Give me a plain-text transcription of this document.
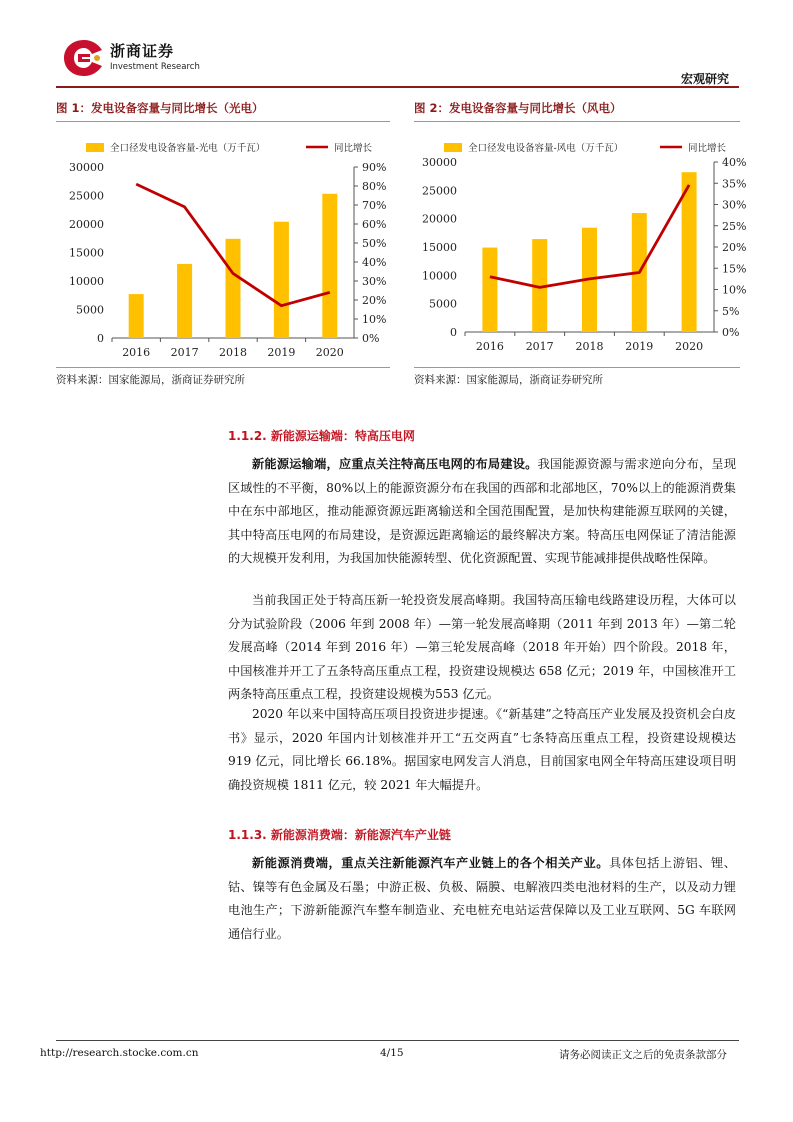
浙商证券
Investment Research
宏观研究
图 1：发电设备容量与同比增长（光电）
全口径发电设备容量-光电（万千瓦）	同比增长
0
5000
10000
15000
20000
25000
30000
0%
10%
20%
30%
40%
50%
60%
70%
80%
90%
2016 2017 2018 2019 2020
资料来源：国家能源局，浙商证券研究所
图 2：发电设备容量与同比增长（风电）
全口径发电设备容量-风电（万千瓦）	同比增长
0
5000
10000
15000
20000
25000
30000
0%
5%
10%
15%
20%
25%
30%
35%
40%
2016 2017 2018 2019 2020
资料来源：国家能源局，浙商证券研究所
1.1.2. 新能源运输端：特高压电网
新能源运输端，应重点关注特高压电网的布局建设。我国能源资源与需求逆向分布，呈现区域性的不平衡，80%以上的能源资源分布在我国的西部和北部地区，70%以上的能源消费集中在东中部地区，推动能源资源远距离输送和全国范围配置，是加快构建能源互联网的关键，其中特高压电网的布局建设，是资源远距离输运的最终解决方案。特高压电网保证了清洁能源的大规模开发利用，为我国加快能源转型、优化资源配置、实现节能减排提供战略性保障。
当前我国正处于特高压新一轮投资发展高峰期。我国特高压输电线路建设历程，大体可以分为试验阶段（2006 年到 2008 年）—第一轮发展高峰期（2011 年到 2013 年）—第二轮发展高峰（2014 年到 2016 年）—第三轮发展高峰（2018 年开始）四个阶段。2018 年，中国核准并开工了五条特高压重点工程，投资建设规模达 658 亿元；2019 年，中国核准开工两条特高压重点工程，投资建设规模为553 亿元。
2020 年以来中国特高压项目投资进步提速。《“新基建”之特高压产业发展及投资机会白皮书》显示，2020 年国内计划核准并开工“五交两直”七条特高压重点工程，投资建设规模达 919 亿元，同比增长 66.18%。据国家电网发言人消息，目前国家电网全年特高压建设项目明确投资规模 1811 亿元，较 2021 年大幅提升。
1.1.3. 新能源消费端：新能源汽车产业链
新能源消费端，重点关注新能源汽车产业链上的各个相关产业。具体包括上游铝、锂、钴、镍等有色金属及石墨；中游正极、负极、隔膜、电解液四类电池材料的生产，以及动力锂电池生产；下游新能源汽车整车制造业、充电桩充电站运营保障以及工业互联网、5G 车联网通信行业。
http://research.stocke.com.cn	4/15	请务必阅读正文之后的免责条款部分
